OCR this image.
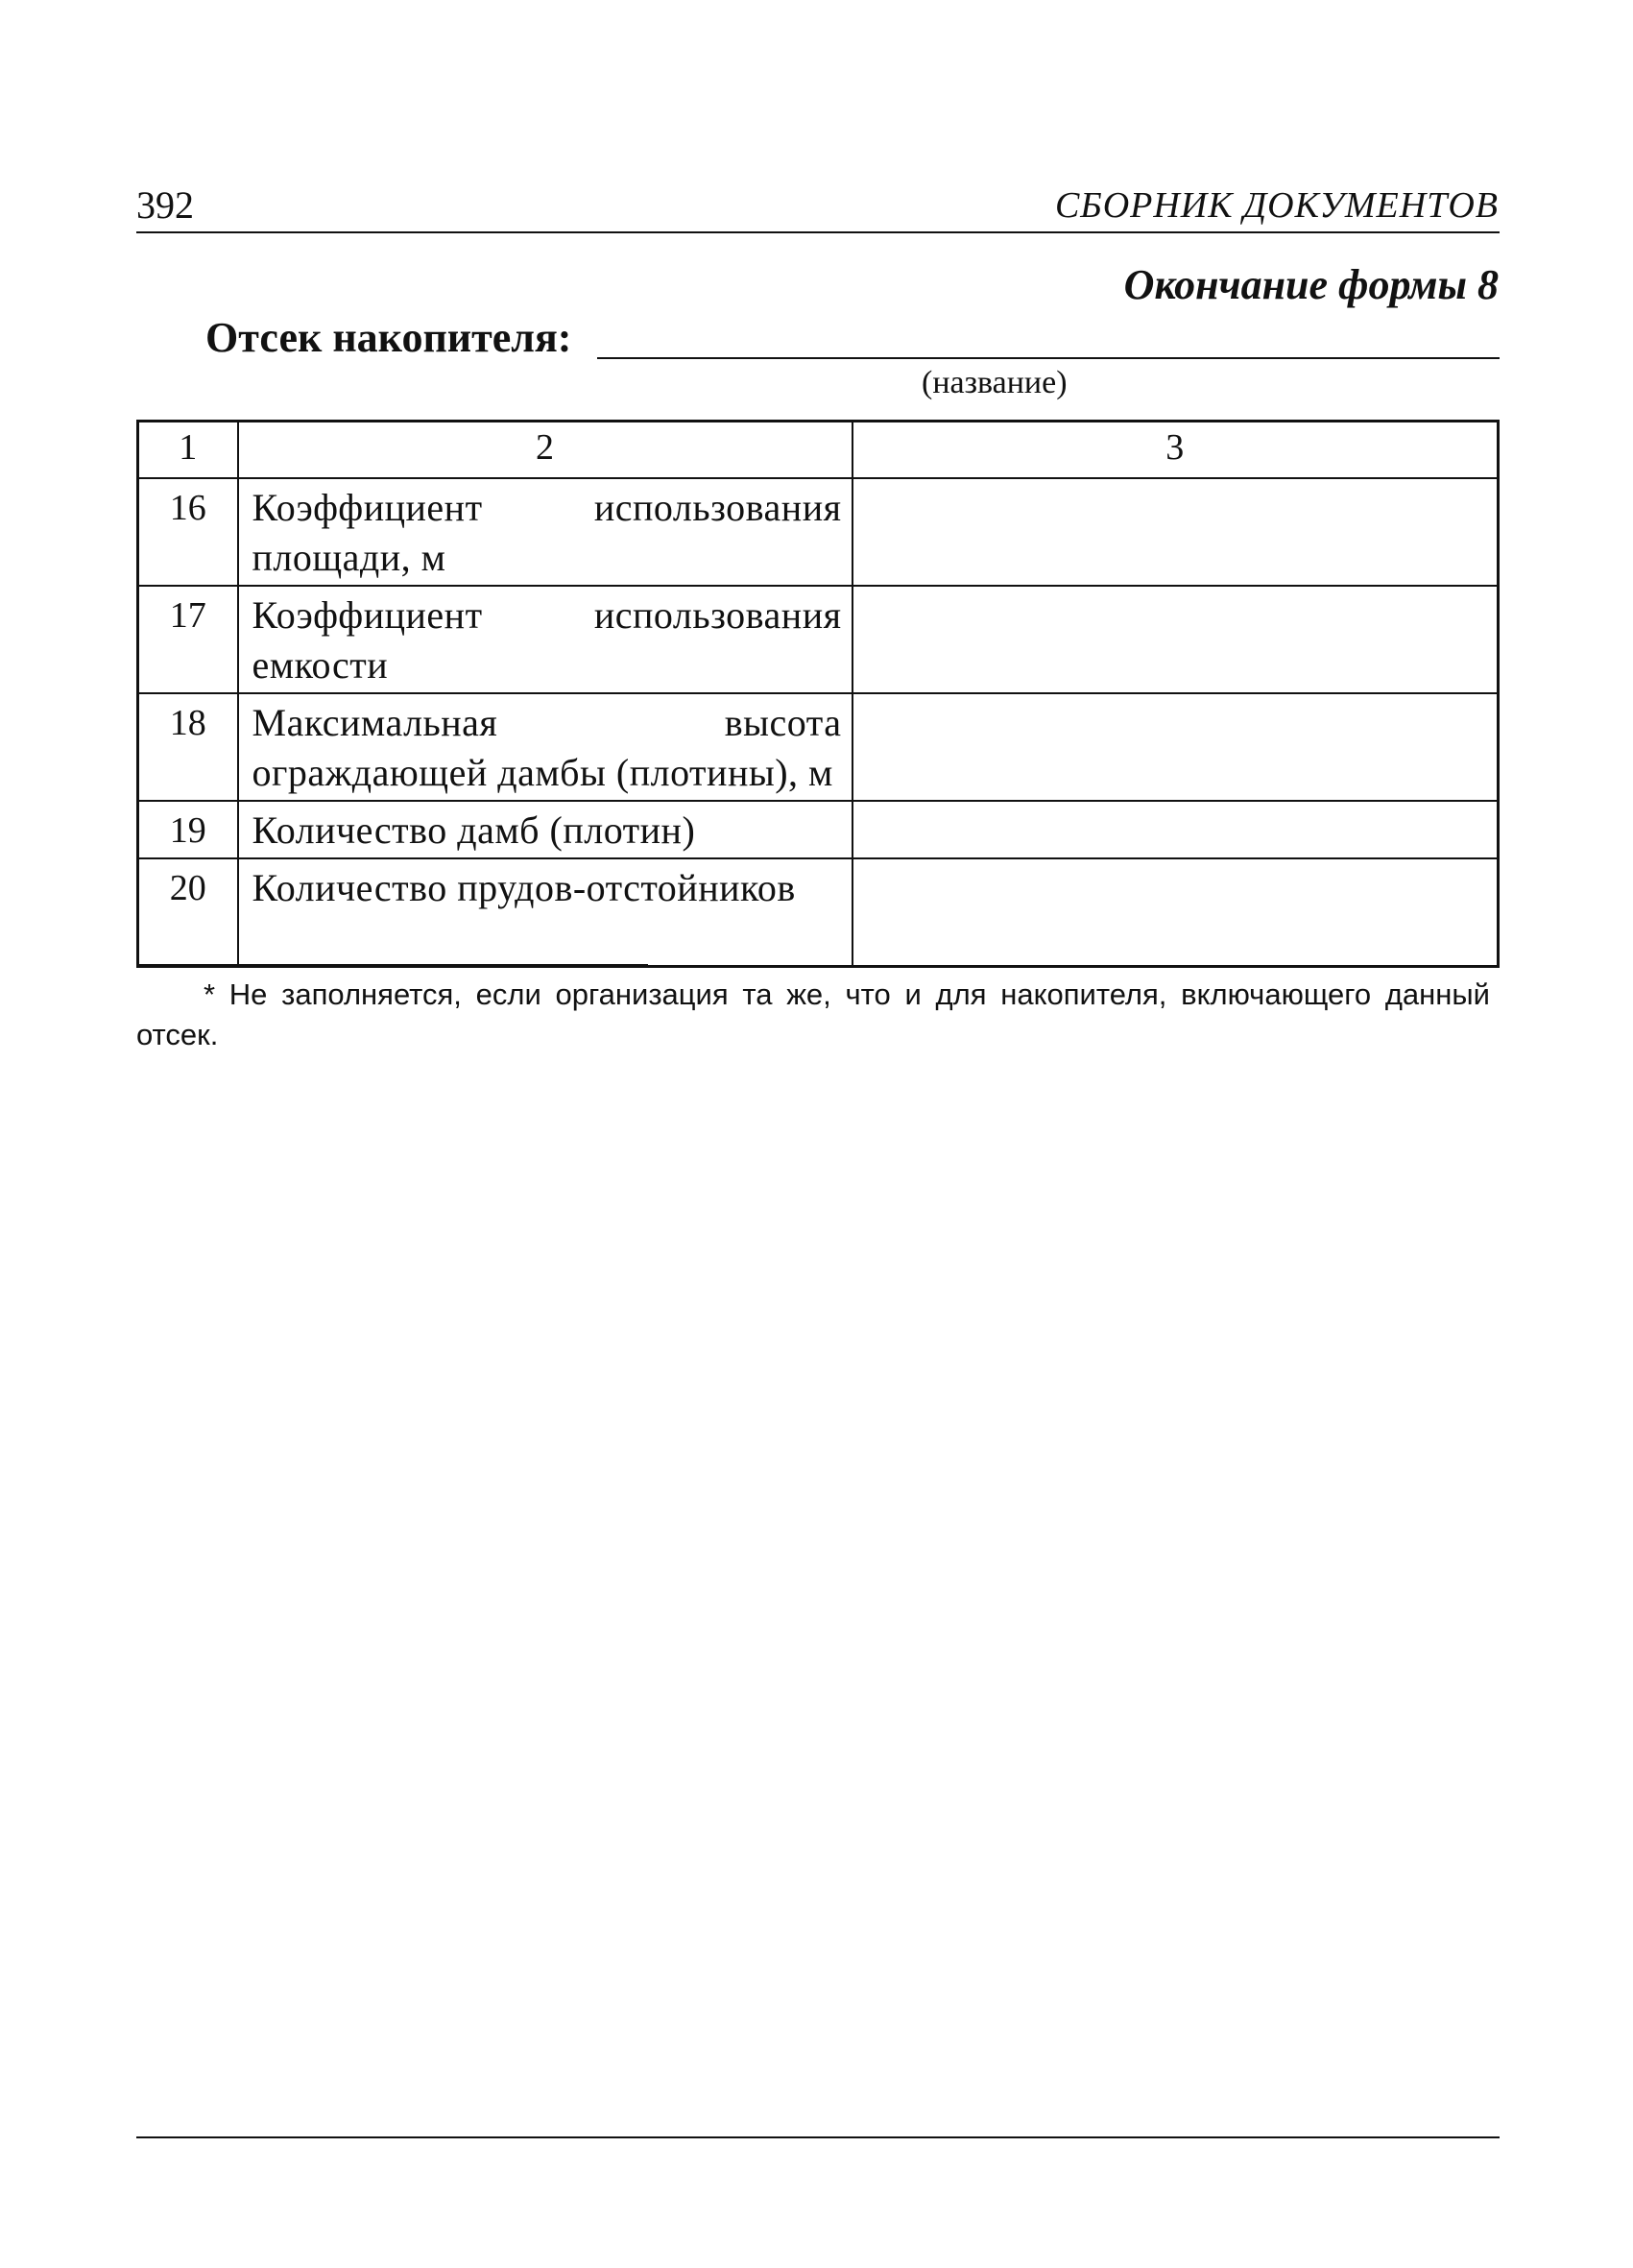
392	СБОРНИК ДОКУМЕНТОВ
Окончание формы 8
Отсек накопителя:
(название)
1	2	3
16	Коэффициент использования площади, м	
17	Коэффициент использования емкости	
18	Максимальная высота ограждающей дамбы (плотины), м	
19	Количество дамб (плотин)	
20	Количество прудов-отстойников	
* Не заполняется, если организация та же, что и для накопителя, включающего данный отсек.
